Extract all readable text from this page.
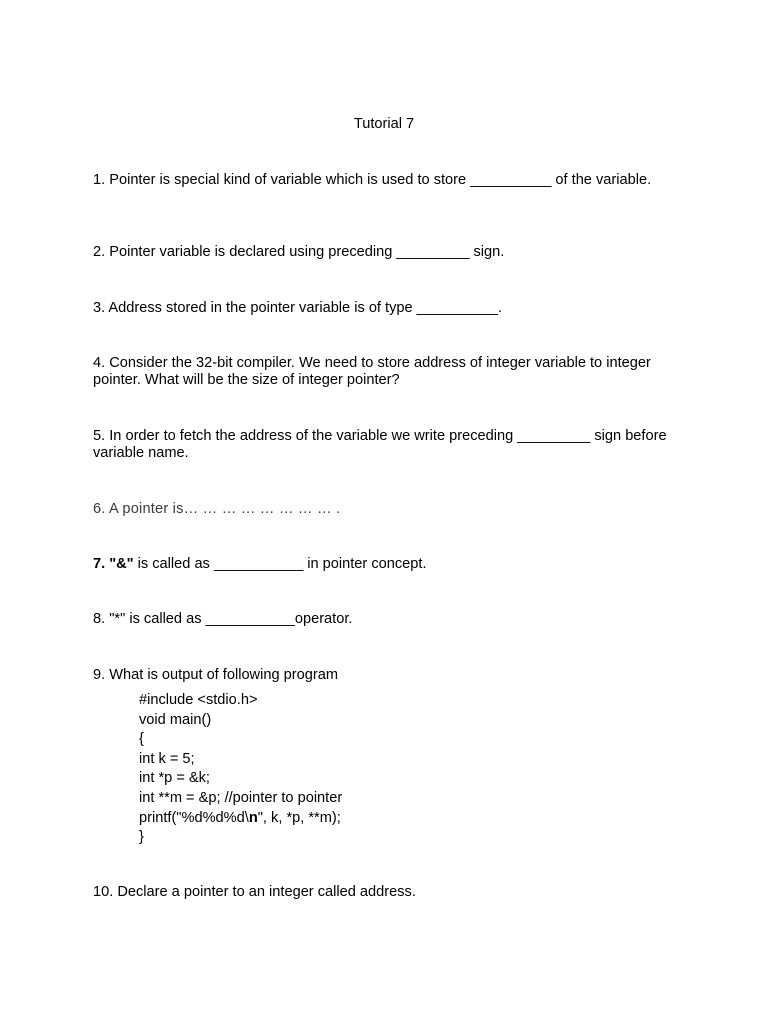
Tutorial 7

1. Pointer is special kind of variable which is used to store __________ of the variable.

2. Pointer variable is declared using preceding _________ sign.

3. Address stored in the pointer variable is of type __________.

4. Consider the 32-bit compiler. We need to store address of integer variable to integer pointer. What will be the size of integer pointer?

5. In order to fetch the address of the variable we write preceding _________ sign before variable name.

6. A pointer is… … … … … … … … .

7. "&" is called as ___________ in pointer concept.

8. "*" is called as ___________operator.

9. What is output of following program

#include <stdio.h>
void main()
{
int k = 5;
int *p = &k;
int **m = &p; //pointer to pointer
printf("%d%d%d\n", k, *p, **m);
}

10. Declare a pointer to an integer called address.
